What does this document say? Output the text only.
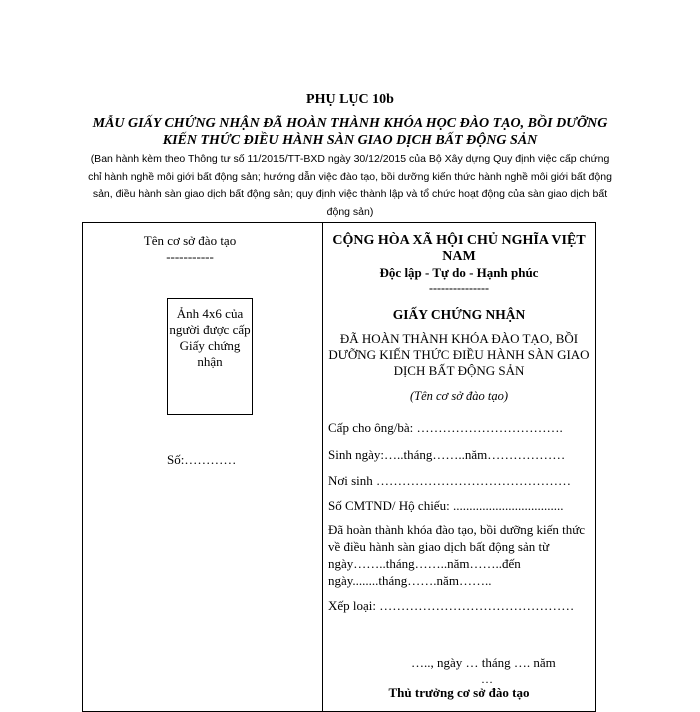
PHỤ LỤC 10b
MẪU GIẤY CHỨNG NHẬN ĐÃ HOÀN THÀNH KHÓA HỌC ĐÀO TẠO, BỒI DƯỠNG KIẾN THỨC ĐIỀU HÀNH SÀN GIAO DỊCH BẤT ĐỘNG SẢN
(Ban hành kèm theo Thông tư số 11/2015/TT-BXD ngày 30/12/2015 của Bộ Xây dựng Quy định việc cấp chứng chỉ hành nghề môi giới bất động sản; hướng dẫn việc đào tạo, bồi dưỡng kiến thức hành nghề môi giới bất động sản, điều hành sàn giao dịch bất động sản; quy định việc thành lập và tổ chức hoạt động của sàn giao dịch bất động sản)
Tên cơ sở đào tạo
-----------
Ảnh 4x6 của người được cấp Giấy chứng nhận
Số:…………
CỘNG HÒA XÃ HỘI CHỦ NGHĨA VIỆT NAM
Độc lập - Tự do - Hạnh phúc
---------------
GIẤY CHỨNG NHẬN
ĐÃ HOÀN THÀNH KHÓA ĐÀO TẠO, BỒI DƯỠNG KIẾN THỨC ĐIỀU HÀNH SÀN GIAO DỊCH BẤT ĐỘNG SẢN
(Tên cơ sở đào tạo)
Cấp cho ông/bà: …………………………….
Sinh ngày:…..tháng……..năm………………
Nơi sinh ………………………………………
Số CMTND/ Hộ chiếu: ..................................
Đã hoàn thành khóa đào tạo, bồi dưỡng kiến thức về điều hành sàn giao dịch bất động sản từ ngày……..tháng……..năm……..đến ngày........tháng…….năm……..
Xếp loại: ………………………………………
….., ngày … tháng …. năm
…
Thủ trưởng cơ sở đào tạo
